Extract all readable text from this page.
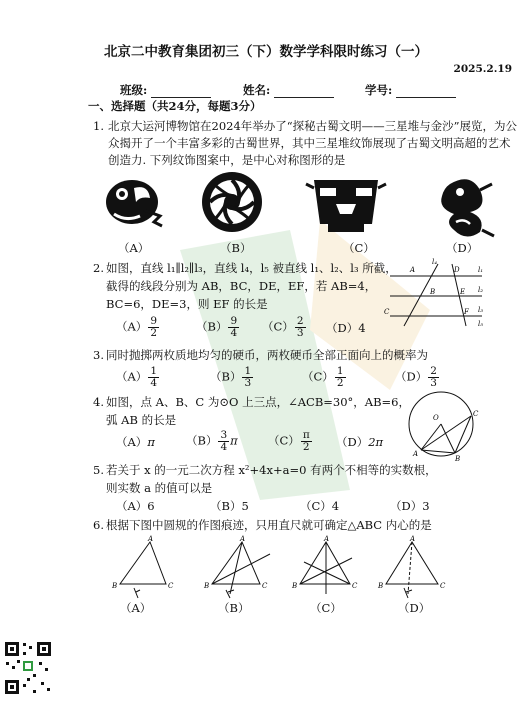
北京二中教育集团初三（下）数学学科限时练习（一）
2025.2.19
班级:	姓名:	学号:
一、选择题（共24分，每题3分）
1. 北京大运河博物馆在2024年举办了“探秘古蜀文明——三星堆与金沙”展览，为公
众揭开了一个丰富多彩的古蜀世界，其中三星堆纹饰展现了古蜀文明高超的艺术
创造力. 下列纹饰图案中，是中心对称图形的是
（A）	（B）	（C）	（D）
2. 如图，直线 l₁∥l₂∥l₃，直线 l₄，l₅ 被直线 l₁、l₂、l₃ 所截，
截得的线段分别为 AB，BC，DE，EF，若 AB=4，
BC=6，DE=3，则 EF 的长是
$(A) \frac{9}{2}$	$(B) \frac{9}{4} (C) \frac{2}{3} (D)4$
A
B
C
D
E
F
l₁
l₂
l₃
l₄
l₅
3. 同时抛掷两枚质地均匀的硬币，两枚硬币全部正面向上的概率为
$(A) \frac{1}{4}$	$(B) \frac{1}{3}$	$(C) \frac{1}{2}$	$(D) \frac{2}{3}$
4. 如图，点 A、B、C 为⊙O 上三点，∠ACB=30°，AB=6，
弧 AB 的长是
（A）π	$(B) \frac{3}{4}$ π	$(C) \frac{\pi}{2} (D)2\pi$
O
A
B
C
5. 若关于 x 的一元二次方程 x²+4x+a=0 有两个不相等的实数根，
则实数 a 的值可以是
（A）6	（B）5	（C）4	（D）3
6. 根据下图中圆规的作图痕迹，只用直尺就可确定△ABC 内心的是
A
B	C
A
B	C
A
B	C
A
B	C
（A）	（B）	（C）	（D）
